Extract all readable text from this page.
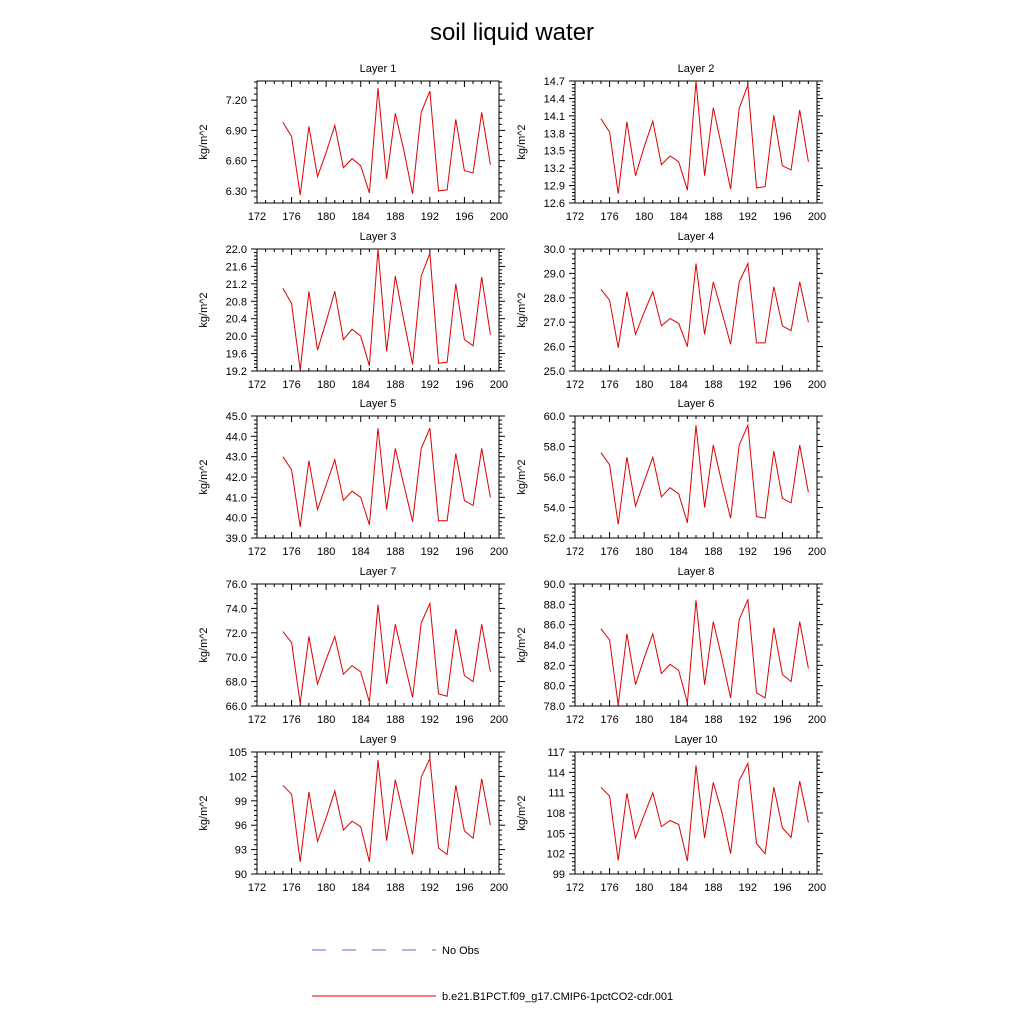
soil liquid water
Layer 1
kg/m^2
172 176 180 184 188 192 196 200
6.30
6.60
6.90
7.20
Layer 2
kg/m^2
172 176 180 184 188 192 196 200
12.6
12.9
13.2
13.5
13.8
14.1
14.4
14.7
Layer 3
kg/m^2
172 176 180 184 188 192 196 200
19.2
19.6
20.0
20.4
20.8
21.2
21.6
22.0
Layer 4
kg/m^2
172 176 180 184 188 192 196 200
25.0
26.0
27.0
28.0
29.0
30.0
Layer 5
kg/m^2
172 176 180 184 188 192 196 200
39.0
40.0
41.0
42.0
43.0
44.0
45.0
Layer 6
kg/m^2
172 176 180 184 188 192 196 200
52.0
54.0
56.0
58.0
60.0
Layer 7
kg/m^2
172 176 180 184 188 192 196 200
66.0
68.0
70.0
72.0
74.0
76.0
Layer 8
kg/m^2
172 176 180 184 188 192 196 200
78.0
80.0
82.0
84.0
86.0
88.0
90.0
Layer 9
kg/m^2
172 176 180 184 188 192 196 200
90
93
96
99
102
105
Layer 10
kg/m^2
172 176 180 184 188 192 196 200
99
102
105
108
111
114
117
No Obs
b.e21.B1PCT.f09_g17.CMIP6-1pctCO2-cdr.001
